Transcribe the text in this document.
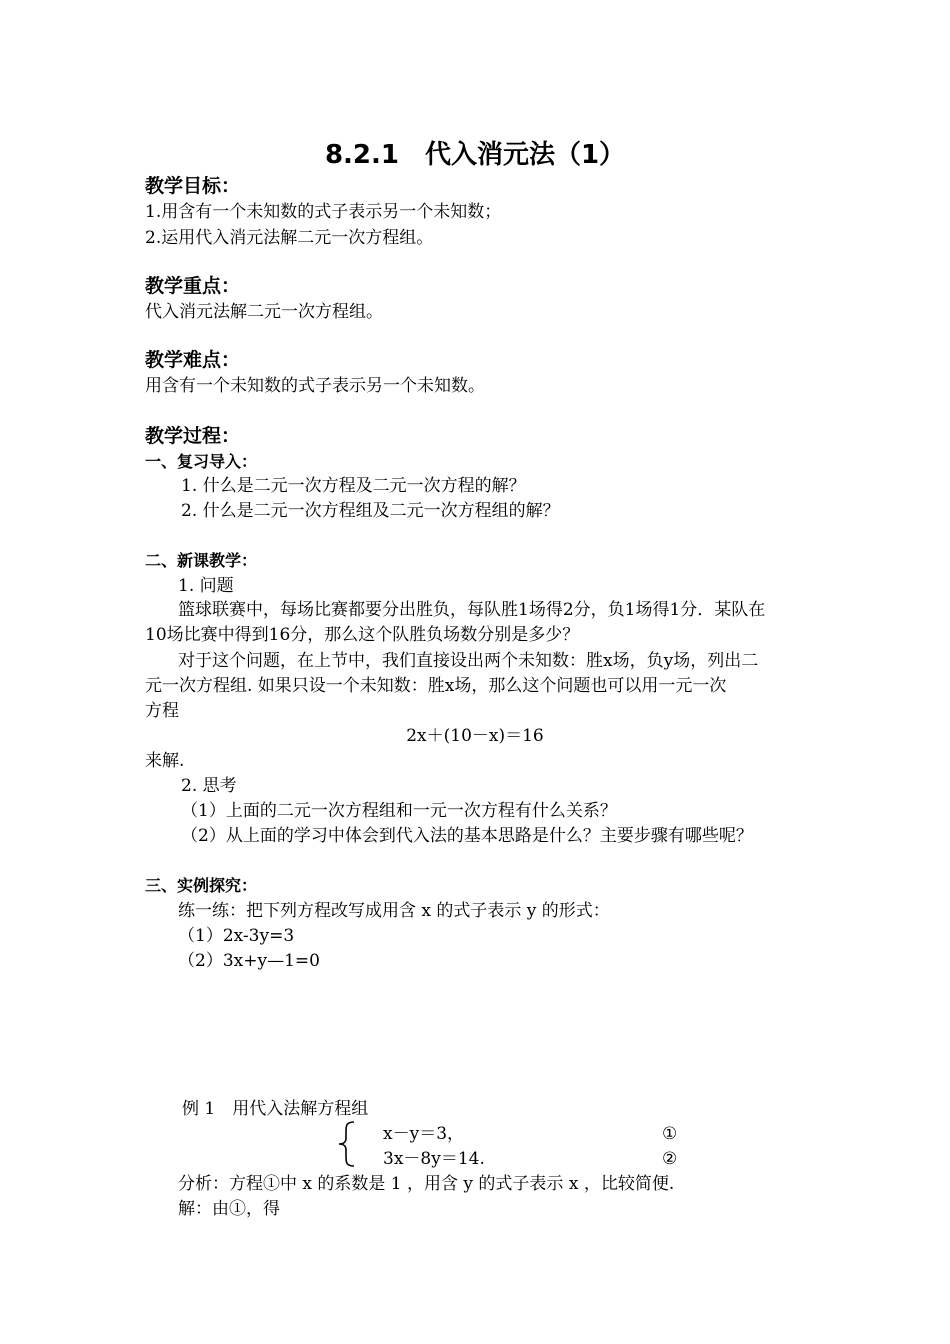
8.2.1　代入消元法（1）
教学目标：
1.用含有一个未知数的式子表示另一个未知数；
2.运用代入消元法解二元一次方程组。
教学重点：
代入消元法解二元一次方程组。
教学难点：
用含有一个未知数的式子表示另一个未知数。
教学过程：
一、复习导入：
1. 什么是二元一次方程及二元一次方程的解？
2. 什么是二元一次方程组及二元一次方程组的解？
二、新课教学：
1. 问题
篮球联赛中，每场比赛都要分出胜负，每队胜1场得2分，负1场得1分．某队在
10场比赛中得到16分，那么这个队胜负场数分别是多少？
对于这个问题，在上节中，我们直接设出两个未知数：胜x场，负y场，列出二
元一次方程组. 如果只设一个未知数：胜x场，那么这个问题也可以用一元一次
方程
2x＋(10－x)＝16
来解.
2. 思考
（1）上面的二元一次方程组和一元一次方程有什么关系？
（2）从上面的学习中体会到代入法的基本思路是什么？主要步骤有哪些呢？
三、实例探究：
练一练：把下列方程改写成用含 x 的式子表示 y 的形式：
（1）2x-3y=3
（2）3x+y—1=0
例 1　用代入法解方程组
x－y＝3，	①
3x－8y＝14.	②
分析：方程①中 x 的系数是 1 ，用含 y 的式子表示 x ，比较简便.
解：由①，得
